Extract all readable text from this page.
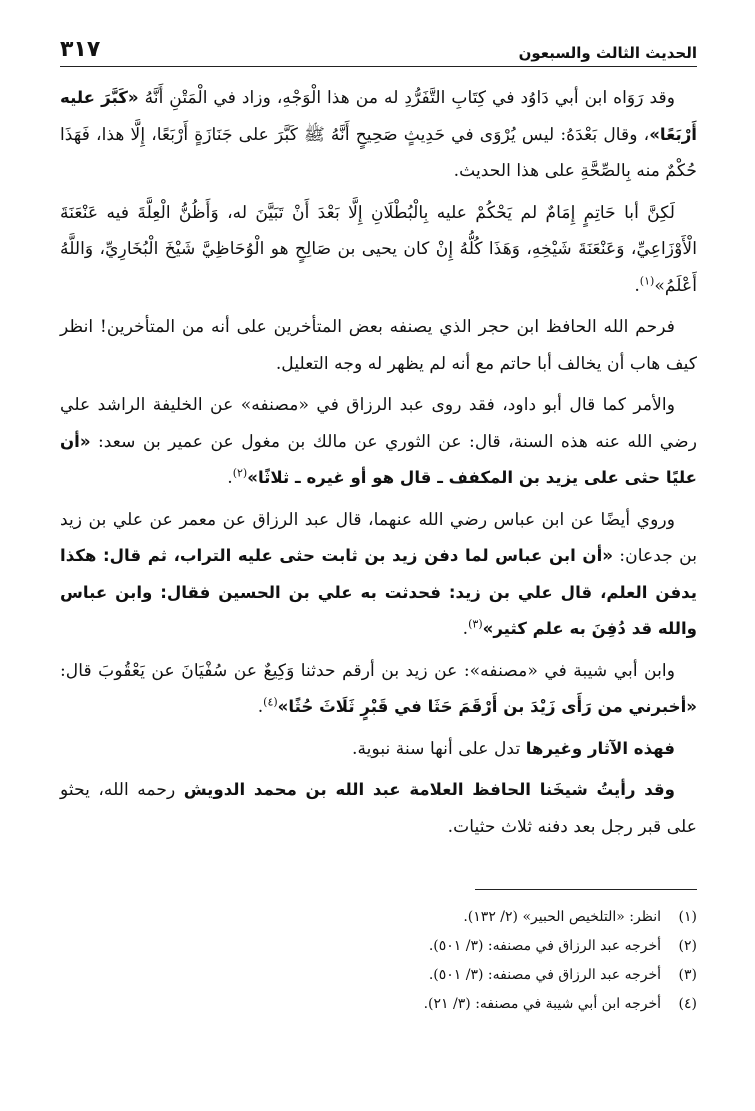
الحديث الثالث والسبعون
٣١٧

وقد رَوَاه ابن أبي دَاوُد في كِتَابِ التَّفَرُّدِ له من هذا الْوَجْهِ، وزاد في الْمَتْنِ أَنَّهُ «كَبَّرَ عليه أَرْبَعًا»، وقال بَعْدَهُ: ليس يُرْوَى في حَدِيثٍ صَحِيحٍ أَنَّهُ ﷺ كَبَّرَ على جَنَازَةٍ أَرْبَعًا، إِلَّا هذا، فَهَذَا حُكْمٌ منه بِالصِّحَّةِ على هذا الحديث.

لَكِنَّ أبا حَاتِمٍ إِمَامٌ لم يَحْكُمْ عليه بِالْبُطْلَانِ إِلَّا بَعْدَ أَنْ تَبَيَّنَ له، وَأَظُنُّ الْعِلَّةَ فيه عَنْعَنَةَ الْأَوْزَاعِيِّ، وَعَنْعَنَةَ شَيْخِهِ، وَهَذَا كُلُّهُ إِنْ كان يحيى بن صَالِحٍ هو الْوُحَاظِيَّ شَيْخَ الْبُخَارِيِّ، وَاللَّهُ أَعْلَمُ»$^{(١)}$.

فرحم الله الحافظ ابن حجر الذي يصنفه بعض المتأخرين على أنه من المتأخرين! انظر كيف هاب أن يخالف أبا حاتم مع أنه لم يظهر له وجه التعليل.

والأمر كما قال أبو داود، فقد روى عبد الرزاق في «مصنفه» عن الخليفة الراشد علي رضي الله عنه هذه السنة، قال: عن الثوري عن مالك بن مغول عن عمير بن سعد: «أن عليًا حثى على يزيد بن المكفف ـ قال هو أو غيره ـ ثلاثًا»$^{(٢)}$.

وروي أيضًا عن ابن عباس رضي الله عنهما، قال عبد الرزاق عن معمر عن علي بن زيد بن جدعان: «أن ابن عباس لما دفن زيد بن ثابت حثى عليه التراب، ثم قال: هكذا يدفن العلم، قال علي بن زيد: فحدثت به علي بن الحسين فقال: وابن عباس والله قد دُفِنَ به علم كثير»$^{(٣)}$.

وابن أبي شيبة في «مصنفه»: عن زيد بن أرقم حدثنا وَكِيعٌ عن سُفْيَانَ عن يَعْقُوبَ قال: «أخبرني من رَأَى زَيْدَ بن أَرْقَمَ حَثَا في قَبْرٍ ثَلَاثَ حُثًا»$^{(٤)}$.

فهذه الآثار وغيرها تدل على أنها سنة نبوية.

وقد رأيتُ شيخَنا الحافظ العلامة عبد الله بن محمد الدويش رحمه الله، يحثو على قبر رجل بعد دفنه ثلاث حثيات.

(١)
انظر: «التلخيص الحبير» (٢/ ١٣٢).
(٢)
أخرجه عبد الرزاق في مصنفه: (٣/ ٥٠١).
(٣)
أخرجه عبد الرزاق في مصنفه: (٣/ ٥٠١).
(٤)
أخرجه ابن أبي شيبة في مصنفه: (٣/ ٢١).
